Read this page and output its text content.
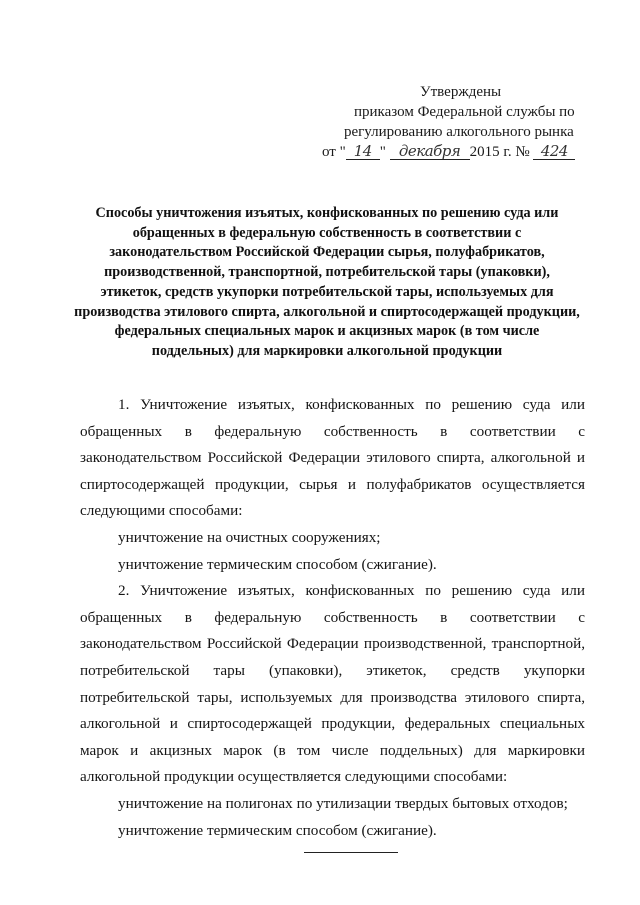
Утверждены
приказом Федеральной службы по
регулированию алкогольного рынка
от " 14 " декабря 2015 г. № 424
Способы уничтожения изъятых, конфискованных по решению суда или обращенных в федеральную собственность в соответствии с законодательством Российской Федерации сырья, полуфабрикатов, производственной, транспортной, потребительской тары (упаковки), этикеток, средств укупорки потребительской тары, используемых для производства этилового спирта, алкогольной и спиртосодержащей продукции, федеральных специальных марок и акцизных марок (в том числе поддельных) для маркировки алкогольной продукции

1. Уничтожение изъятых, конфискованных по решению суда или обращенных в федеральную собственность в соответствии с законодательством Российской Федерации этилового спирта, алкогольной и спиртосодержащей продукции, сырья и полуфабрикатов осуществляется следующими способами:

уничтожение на очистных сооружениях;

уничтожение термическим способом (сжигание).

2. Уничтожение изъятых, конфискованных по решению суда или обращенных в федеральную собственность в соответствии с законодательством Российской Федерации производственной, транспортной, потребительской тары (упаковки), этикеток, средств укупорки потребительской тары, используемых для производства этилового спирта, алкогольной и спиртосодержащей продукции, федеральных специальных марок и акцизных марок (в том числе поддельных) для маркировки алкогольной продукции осуществляется следующими способами:

уничтожение на полигонах по утилизации твердых бытовых отходов;

уничтожение термическим способом (сжигание).
